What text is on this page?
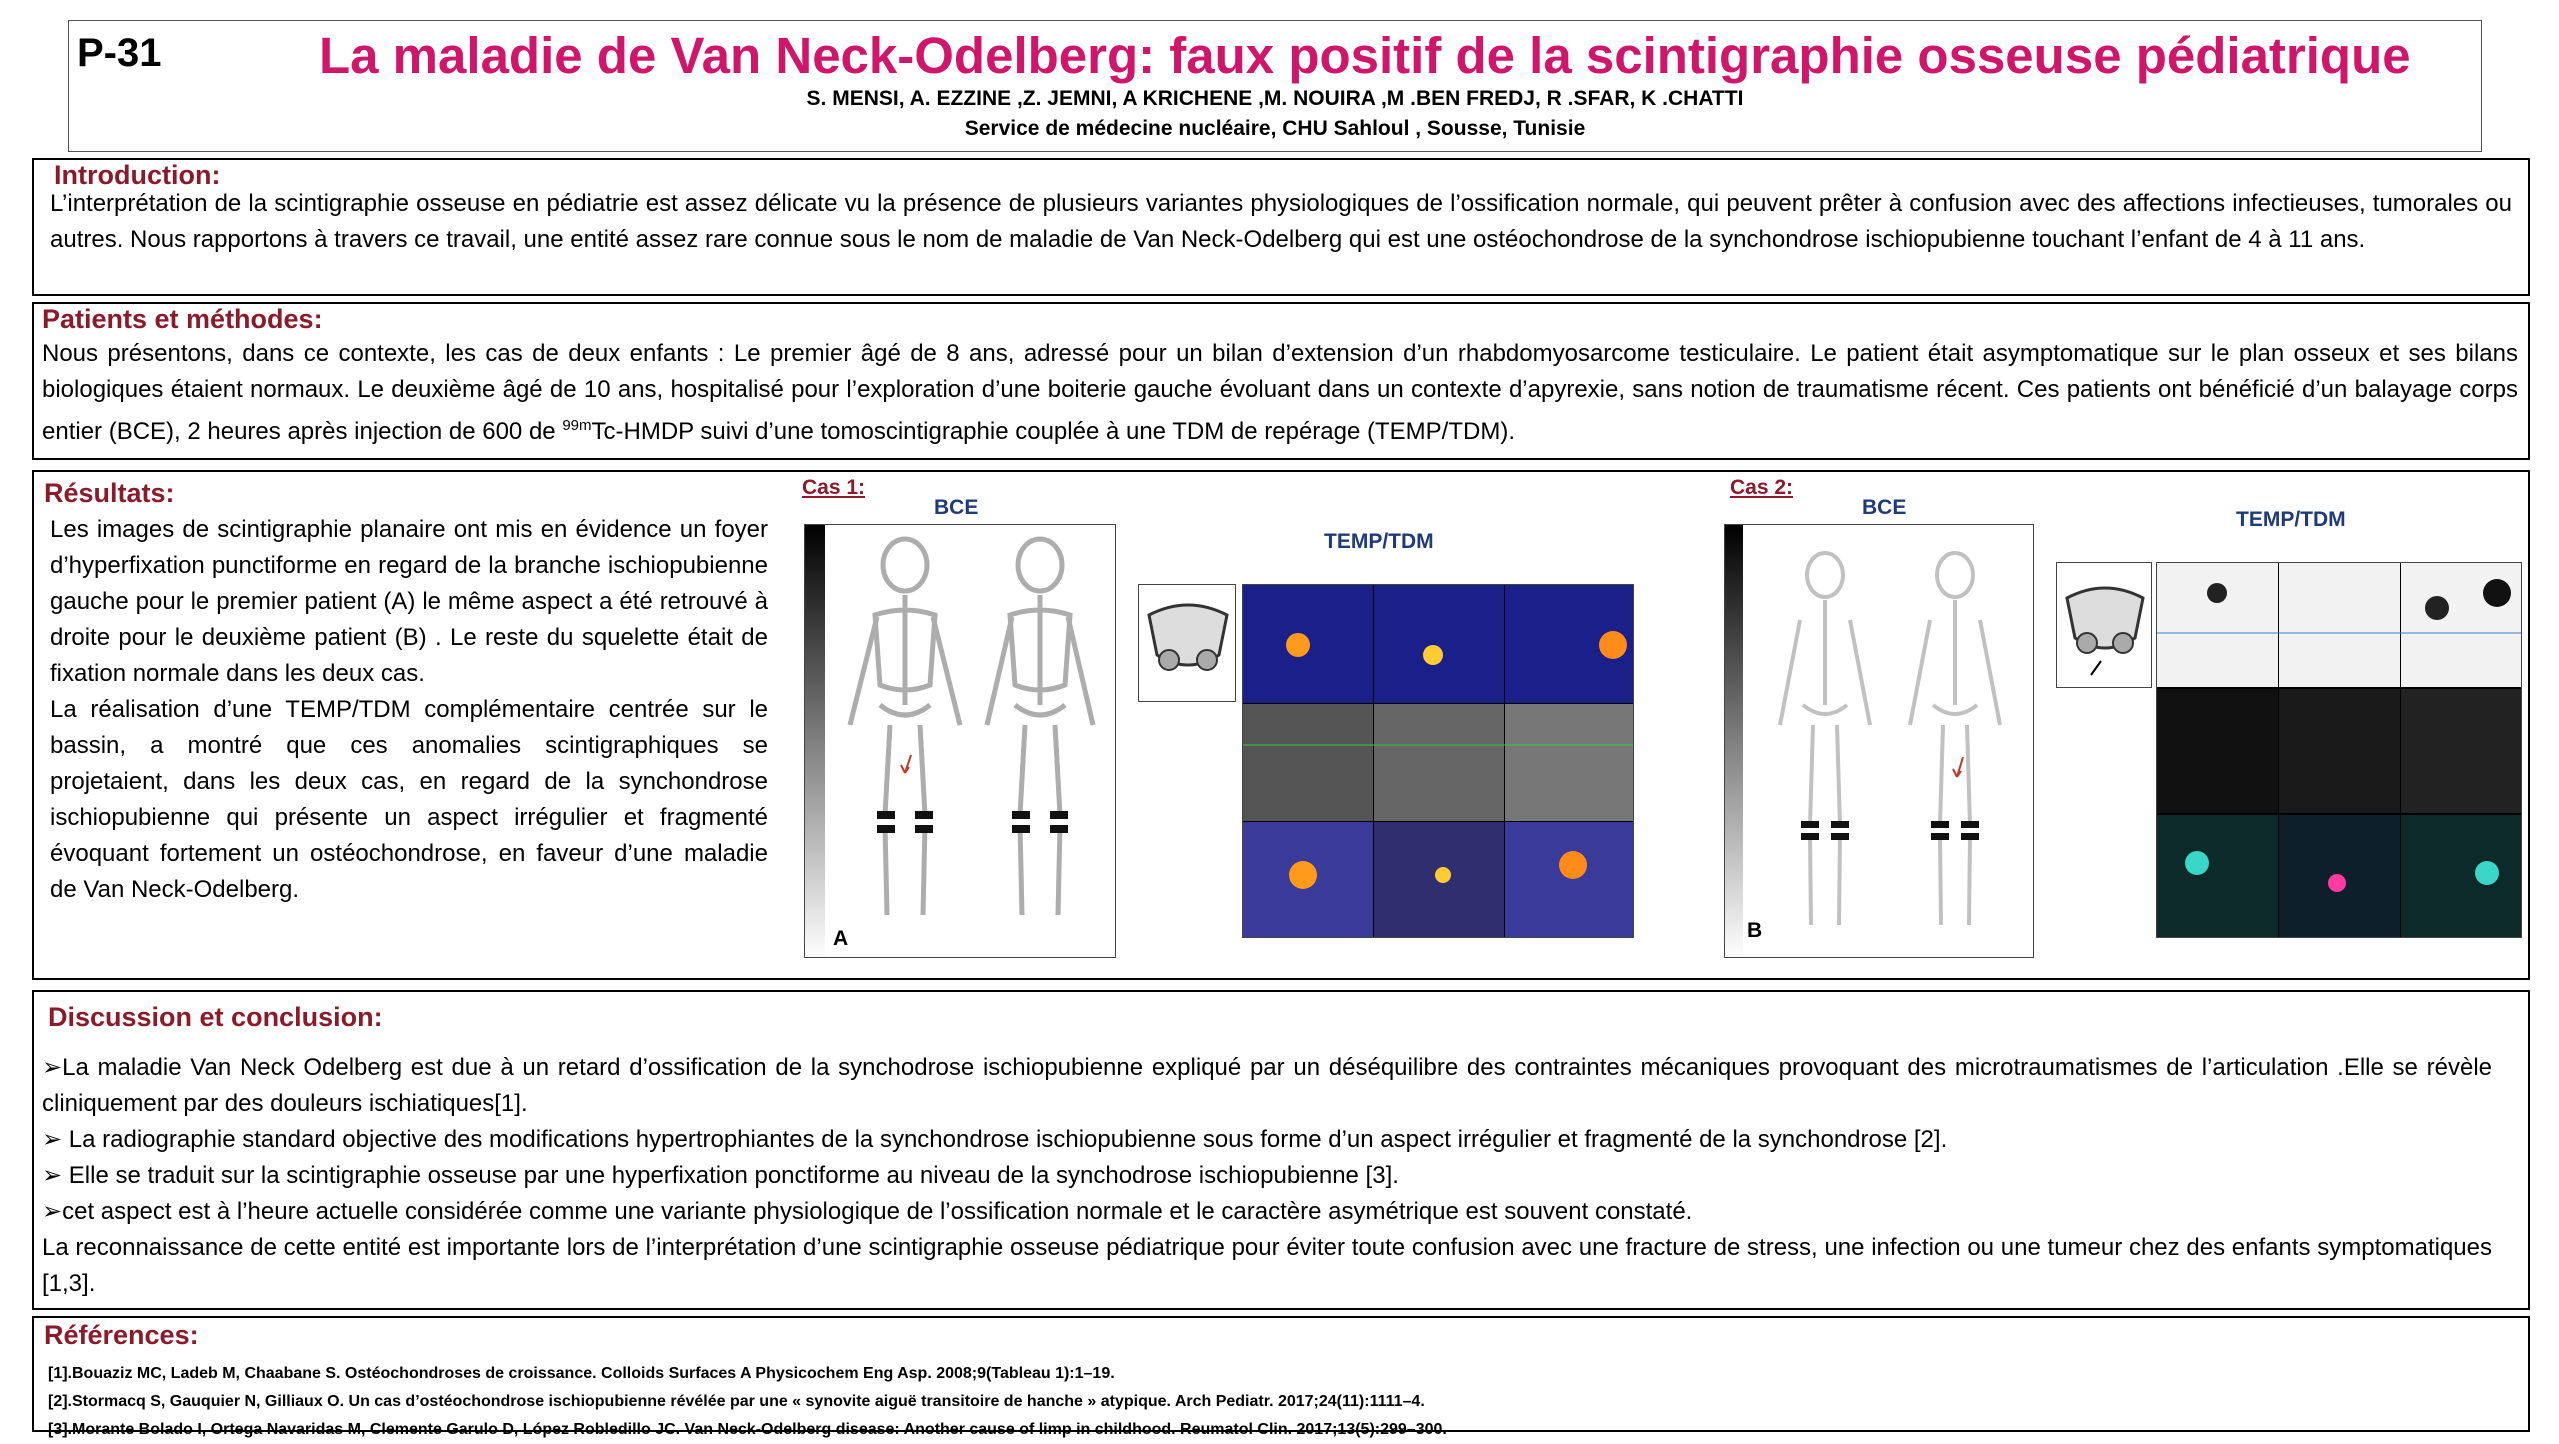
P-31	La maladie de Van Neck-Odelberg: faux positif de la scintigraphie osseuse pédiatrique
S. MENSI, A. EZZINE ,Z. JEMNI, A KRICHENE ,M. NOUIRA ,M .BEN FREDJ, R .SFAR, K .CHATTI
Service de médecine nucléaire, CHU Sahloul , Sousse, Tunisie
Introduction:
L’interprétation de la scintigraphie osseuse en pédiatrie est assez délicate vu la présence de plusieurs variantes physiologiques de l’ossification normale, qui peuvent prêter à confusion avec des affections infectieuses, tumorales ou autres. Nous rapportons à travers ce travail, une entité assez rare connue sous le nom de maladie de Van Neck-Odelberg qui est une ostéochondrose de la synchondrose ischiopubienne touchant l’enfant de 4 à 11 ans.
Patients et méthodes:
Nous présentons, dans ce contexte, les cas de deux enfants : Le premier âgé de 8 ans, adressé pour un bilan d’extension d’un rhabdomyosarcome testiculaire. Le patient était asymptomatique sur le plan osseux et ses bilans biologiques étaient normaux. Le deuxième âgé de 10 ans, hospitalisé pour l’exploration d’une boiterie gauche évoluant dans un contexte d’apyrexie, sans notion de traumatisme récent. Ces patients ont bénéficié d’un balayage corps entier (BCE), 2 heures après injection de 600 de $^{99m}$Tc-HMDP suivi d’une tomoscintigraphie couplée à une TDM de repérage (TEMP/TDM).
Résultats:
Les images de scintigraphie planaire ont mis en évidence un foyer d’hyperfixation punctiforme en regard de la branche ischiopubienne gauche pour le premier patient (A) le même aspect a été retrouvé à droite pour le deuxième patient (B) . Le reste du squelette était de fixation normale dans les deux cas.
La réalisation d’une TEMP/TDM complémentaire centrée sur le bassin, a montré que ces anomalies scintigraphiques se projetaient, dans les deux cas, en regard de la synchondrose ischiopubienne qui présente un aspect irrégulier et fragmenté évoquant fortement un ostéochondrose, en faveur d’une maladie de Van Neck-Odelberg.
Cas 1:
BCE
A
TEMP/TDM
Cas 2:
BCE
B
TEMP/TDM
Discussion et conclusion:

➢La maladie Van Neck Odelberg est due à un retard d’ossification de la synchodrose ischiopubienne expliqué par un déséquilibre des contraintes mécaniques provoquant des microtraumatismes de l’articulation .Elle se révèle cliniquement par des douleurs ischiatiques[1].

➢ La radiographie standard objective des modifications hypertrophiantes de la synchondrose ischiopubienne sous forme d’un aspect irrégulier et fragmenté de la synchondrose [2].

➢ Elle se traduit sur la scintigraphie osseuse par une hyperfixation ponctiforme au niveau de la synchodrose ischiopubienne [3].

➢cet aspect est à l’heure actuelle considérée comme une variante physiologique de l’ossification normale et le caractère asymétrique est souvent constaté.

La reconnaissance de cette entité est importante lors de l’interprétation d’une scintigraphie osseuse pédiatrique pour éviter toute confusion avec une fracture de stress, une infection ou une tumeur chez des enfants symptomatiques [1,3].

Références:
[1].Bouaziz MC, Ladeb M, Chaabane S. Ostéochondroses de croissance. Colloids Surfaces A Physicochem Eng Asp. 2008;9(Tableau 1):1–19.
[2].Stormacq S, Gauquier N, Gilliaux O. Un cas d’ostéochondrose ischiopubienne révélée par une « synovite aiguë transitoire de hanche » atypique. Arch Pediatr. 2017;24(11):1111–4.
[3].Morante Bolado I, Ortega Navaridas M, Clemente Garulo D, López Robledillo JC. Van Neck-Odelberg disease: Another cause of limp in childhood. Reumatol Clin. 2017;13(5):299–300.
